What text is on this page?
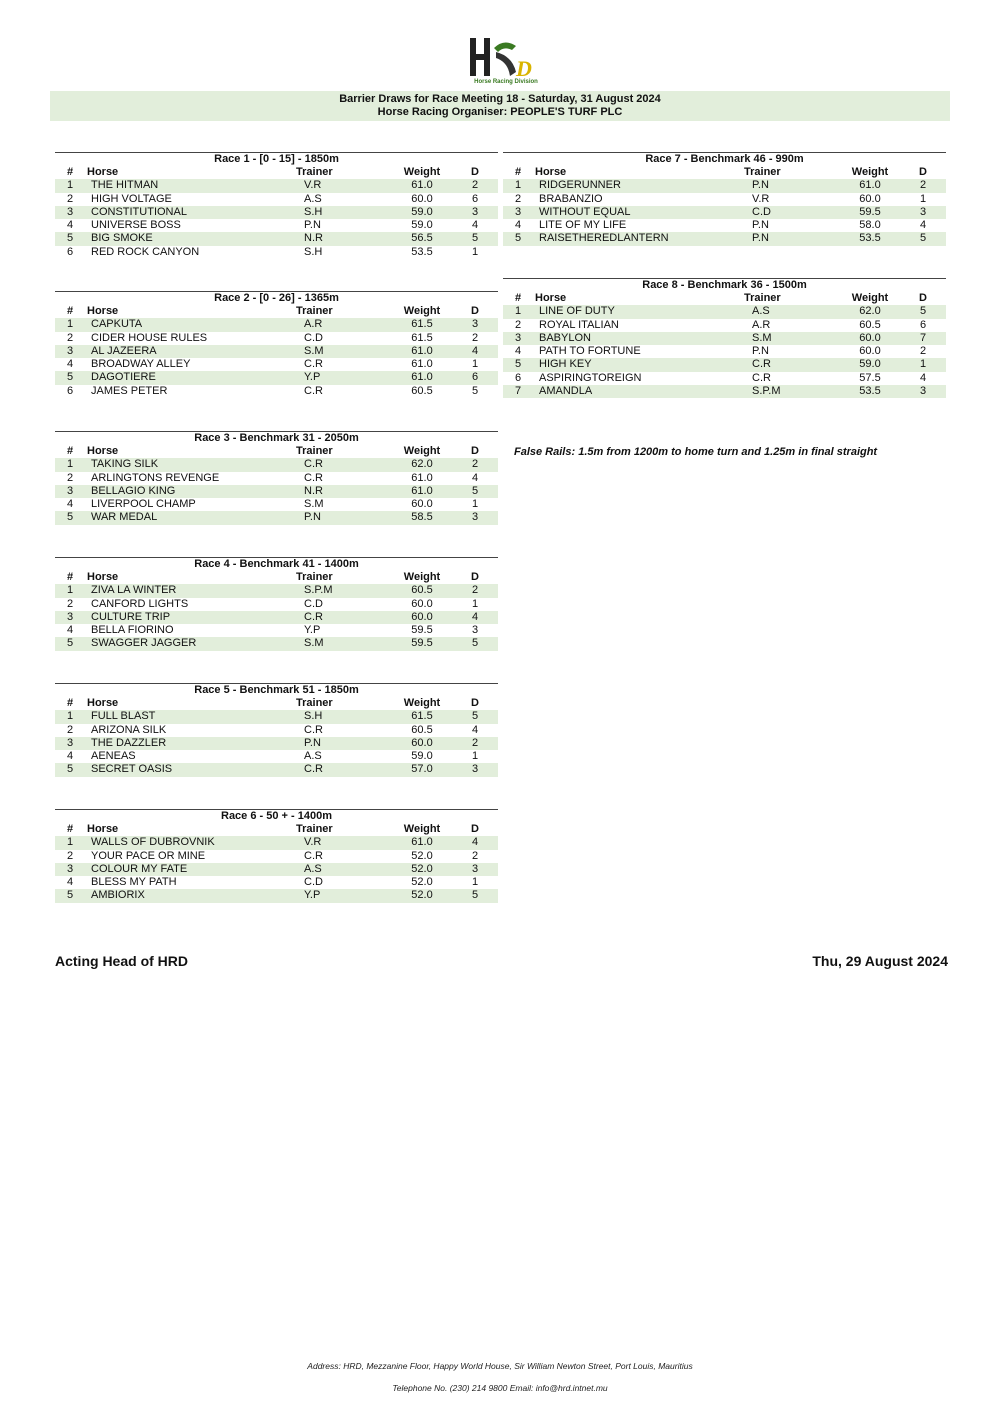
D
Horse Racing Division
Barrier Draws for Race Meeting 18 - Saturday, 31 August 2024
Horse Racing Organiser: PEOPLE'S TURF PLC
Race 1 - [0 - 15] - 1850m
# Horse	Trainer	Weight	D
1 THE HITMAN	V.R	61.0	2
2 HIGH VOLTAGE	A.S	60.0	6
3 CONSTITUTIONAL	S.H	59.0	3
4 UNIVERSE BOSS	P.N	59.0	4
5 BIG SMOKE	N.R	56.5	5
6 RED ROCK CANYON	S.H	53.5	1
Race 2 - [0 - 26] - 1365m
# Horse	Trainer	Weight	D
1 CAPKUTA	A.R	61.5	3
2 CIDER HOUSE RULES	C.D	61.5	2
3 AL JAZEERA	S.M	61.0	4
4 BROADWAY ALLEY	C.R	61.0	1
5 DAGOTIERE	Y.P	61.0	6
6 JAMES PETER	C.R	60.5	5
Race 3 - Benchmark 31 - 2050m
# Horse	Trainer	Weight	D
1 TAKING SILK	C.R	62.0	2
2 ARLINGTONS REVENGE	C.R	61.0	4
3 BELLAGIO KING	N.R	61.0	5
4 LIVERPOOL CHAMP	S.M	60.0	1
5 WAR MEDAL	P.N	58.5	3
Race 4 - Benchmark 41 - 1400m
# Horse	Trainer	Weight	D
1 ZIVA LA WINTER	S.P.M	60.5	2
2 CANFORD LIGHTS	C.D	60.0	1
3 CULTURE TRIP	C.R	60.0	4
4 BELLA FIORINO	Y.P	59.5	3
5 SWAGGER JAGGER	S.M	59.5	5
Race 5 - Benchmark 51 - 1850m
# Horse	Trainer	Weight	D
1 FULL BLAST	S.H	61.5	5
2 ARIZONA SILK	C.R	60.5	4
3 THE DAZZLER	P.N	60.0	2
4 AENEAS	A.S	59.0	1
5 SECRET OASIS	C.R	57.0	3
Race 6 - 50 + - 1400m
# Horse	Trainer	Weight	D
1 WALLS OF DUBROVNIK	V.R	61.0	4
2 YOUR PACE OR MINE	C.R	52.0	2
3 COLOUR MY FATE	A.S	52.0	3
4 BLESS MY PATH	C.D	52.0	1
5 AMBIORIX	Y.P	52.0	5
Race 7 - Benchmark 46 - 990m
# Horse	Trainer	Weight	D
1 RIDGERUNNER	P.N	61.0	2
2 BRABANZIO	V.R	60.0	1
3 WITHOUT EQUAL	C.D	59.5	3
4 LITE OF MY LIFE	P.N	58.0	4
5 RAISETHEREDLANTERN	P.N	53.5	5
Race 8 - Benchmark 36 - 1500m
# Horse	Trainer	Weight	D
1 LINE OF DUTY	A.S	62.0	5
2 ROYAL ITALIAN	A.R	60.5	6
3 BABYLON	S.M	60.0	7
4 PATH TO FORTUNE	P.N	60.0	2
5 HIGH KEY	C.R	59.0	1
6 ASPIRINGTOREIGN	C.R	57.5	4
7 AMANDLA	S.P.M	53.5	3
False Rails: 1.5m from 1200m to home turn and 1.25m in final straight
Acting Head of HRD	Thu, 29 August 2024
Address: HRD, Mezzanine Floor, Happy World House, Sir William Newton Street, Port Louis, Mauritius
Telephone No. (230) 214 9800 Email: info@hrd.intnet.mu
